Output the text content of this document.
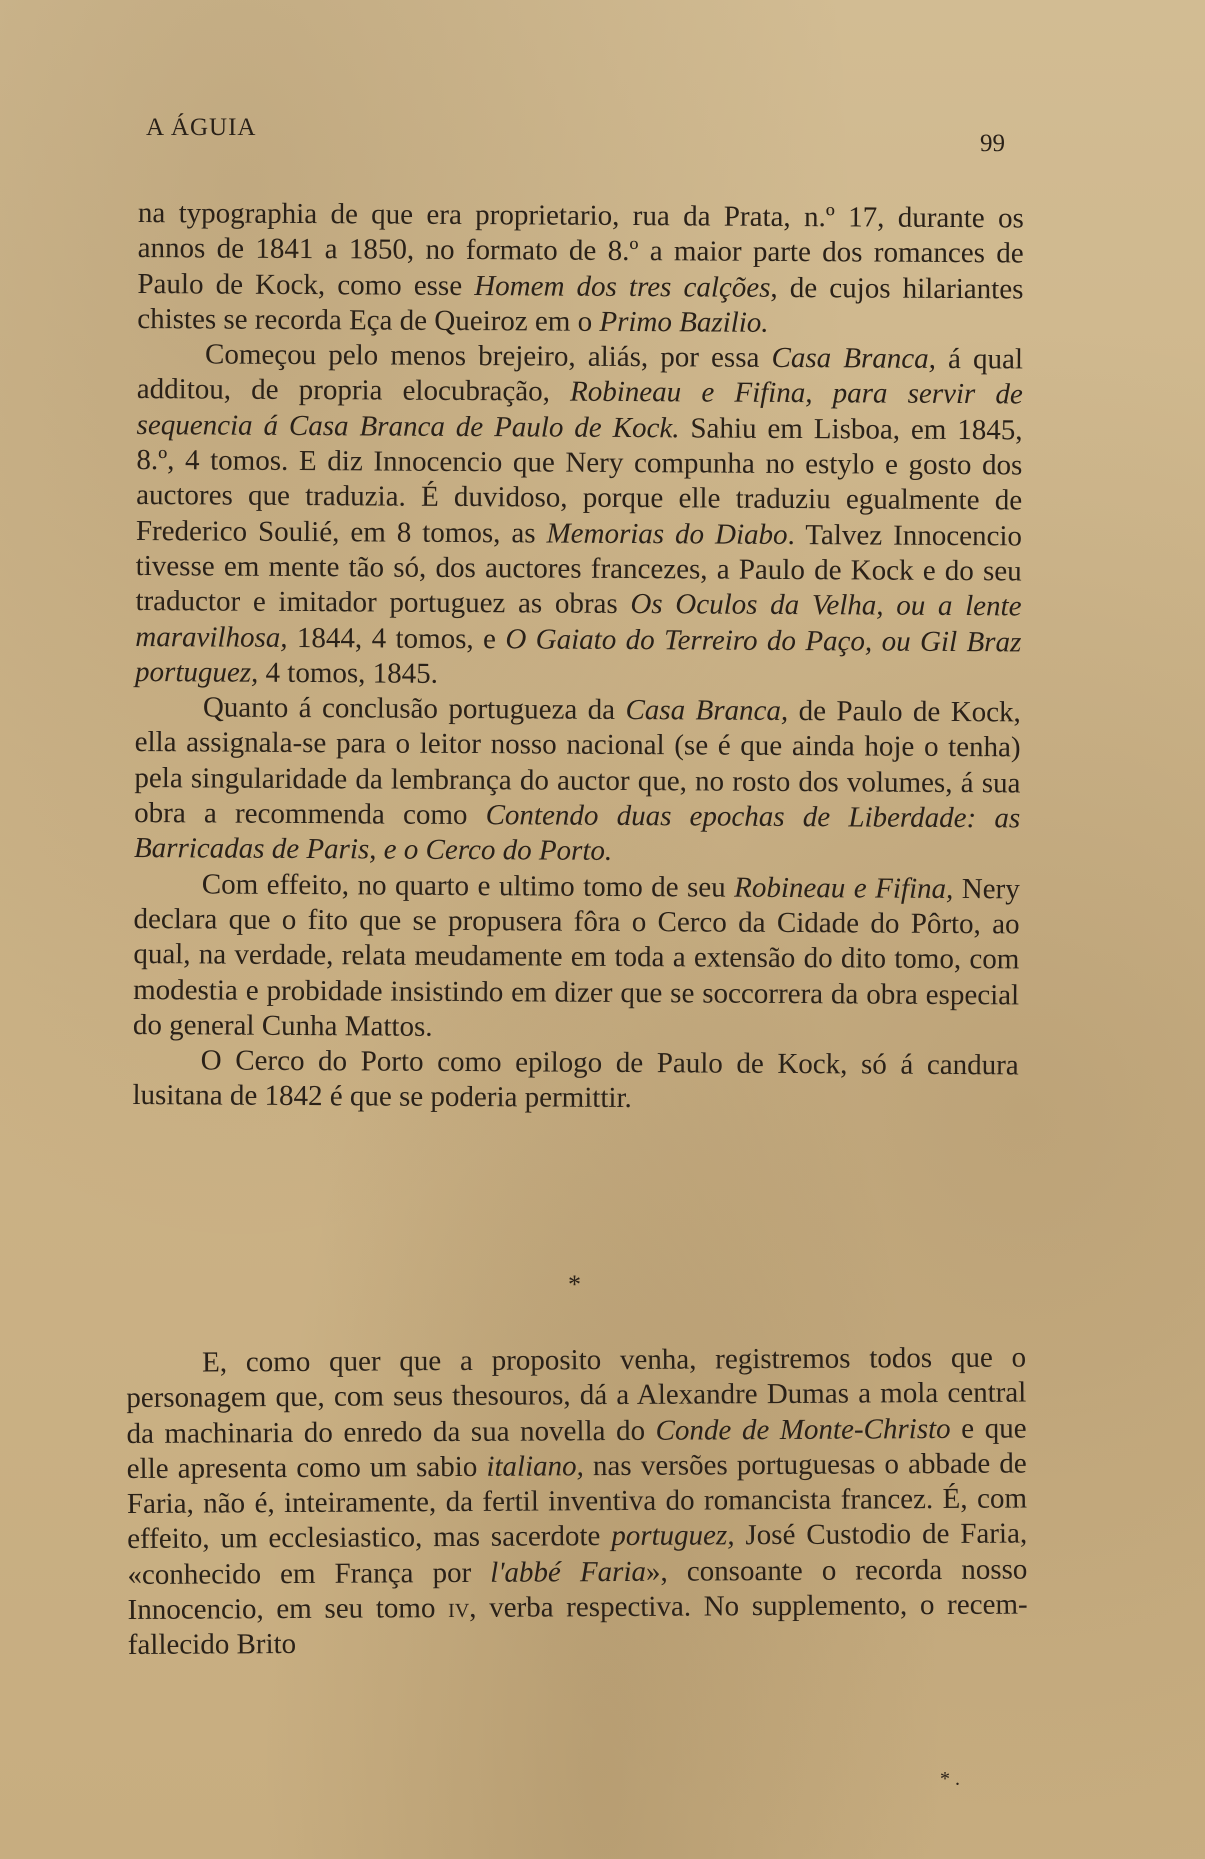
A ÁGUIA
99

na typographia de que era proprietario, rua da Prata, n.º 17, durante os annos de 1841 a 1850, no formato de 8.º a maior parte dos romances de Paulo de Kock, como esse Homem dos tres calções, de cujos hilariantes chistes se recorda Eça de Queiroz em o Primo Bazilio.

Começou pelo menos brejeiro, aliás, por essa Casa Branca, á qual additou, de propria elocubração, Robineau e Fifina, para servir de sequencia á Casa Branca de Paulo de Kock. Sahiu em Lisboa, em 1845, 8.º, 4 tomos. E diz Innocencio que Nery compunha no estylo e gosto dos auctores que traduzia. É duvidoso, porque elle traduziu egualmente de Frederico Soulié, em 8 tomos, as Memorias do Diabo. Talvez Innocencio tivesse em mente tão só, dos auctores francezes, a Paulo de Kock e do seu traductor e imitador portuguez as obras Os Oculos da Velha, ou a lente maravilhosa, 1844, 4 tomos, e O Gaiato do Terreiro do Paço, ou Gil Braz portuguez, 4 tomos, 1845.

Quanto á conclusão portugueza da Casa Branca, de Paulo de Kock, ella assignala-se para o leitor nosso nacional (se é que ainda hoje o tenha) pela singularidade da lembrança do auctor que, no rosto dos volumes, á sua obra a recommenda como Contendo duas epochas de Liberdade: as Barricadas de Paris, e o Cerco do Porto.

Com effeito, no quarto e ultimo tomo de seu Robineau e Fifina, Nery declara que o fito que se propusera fôra o Cerco da Cidade do Pôrto, ao qual, na verdade, relata meudamente em toda a extensão do dito tomo, com modestia e probidade insistindo em dizer que se soccorrera da obra especial do general Cunha Mattos.

O Cerco do Porto como epilogo de Paulo de Kock, só á candura lusitana de 1842 é que se poderia permittir.

*

E, como quer que a proposito venha, registremos todos que o personagem que, com seus thesouros, dá a Alexandre Dumas a mola central da machinaria do enredo da sua novella do Conde de Monte-Christo e que elle apresenta como um sabio italiano, nas versões portuguesas o abbade de Faria, não é, inteiramente, da fertil inventiva do romancista francez. É, com effeito, um ecclesiastico, mas sacerdote portuguez, José Custodio de Faria, «conhecido em França por l'abbé Faria», consoante o recorda nosso Innocencio, em seu tomo iv, verba respectiva. No supplemento, o recem-fallecido Brito

* .
